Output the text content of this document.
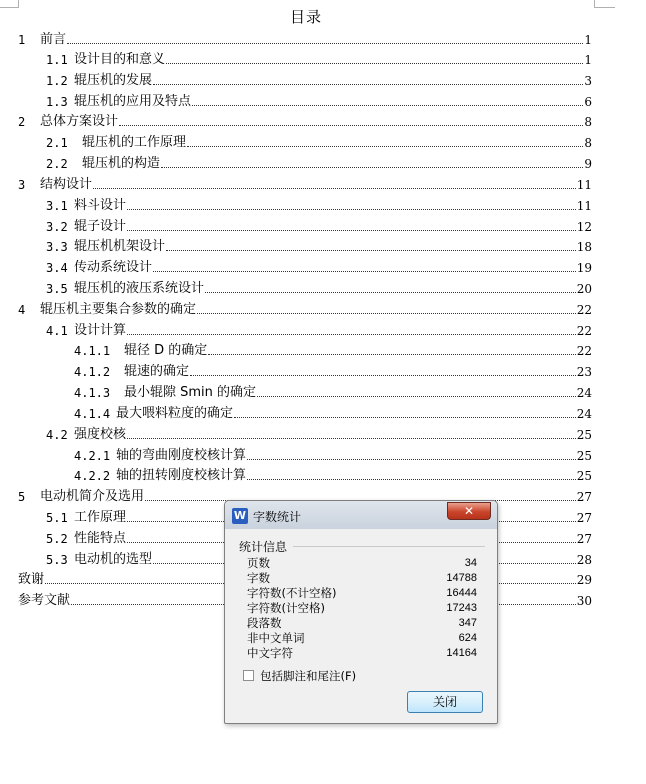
目录
1	前言	1
1.1 设计目的和意义	1
1.2 辊压机的发展	3
1.3 辊压机的应用及特点	6
2	总体方案设计	8
2.1	辊压机的工作原理	8
2.2	辊压机的构造	9
3	结构设计	11
3.1 料斗设计	11
3.2 辊子设计	12
3.3 辊压机机架设计	18
3.4 传动系统设计	19
3.5 辊压机的液压系统设计	20
4	辊压机主要集合参数的确定	22
4.1 设计计算	22
4.1.1	辊径 D 的确定	22
4.1.2	辊速的确定	23
4.1.3	最小辊隙 Smin 的确定	24
4.1.4 最大喂料粒度的确定	24
4.2 强度校核	25
4.2.1 轴的弯曲刚度校核计算	25
4.2.2 轴的扭转刚度校核计算	25
5	电动机简介及选用	27
5.1 工作原理	27
5.2 性能特点	27
5.3 电动机的选型	28
致谢	29
参考文献	30
W 字数统计	✕
统计信息
页数	34
字数	14788
字符数(不计空格)	16444
字符数(计空格)	17243
段落数	347
非中文单词	624
中文字符	14164
包括脚注和尾注(F)
关闭
